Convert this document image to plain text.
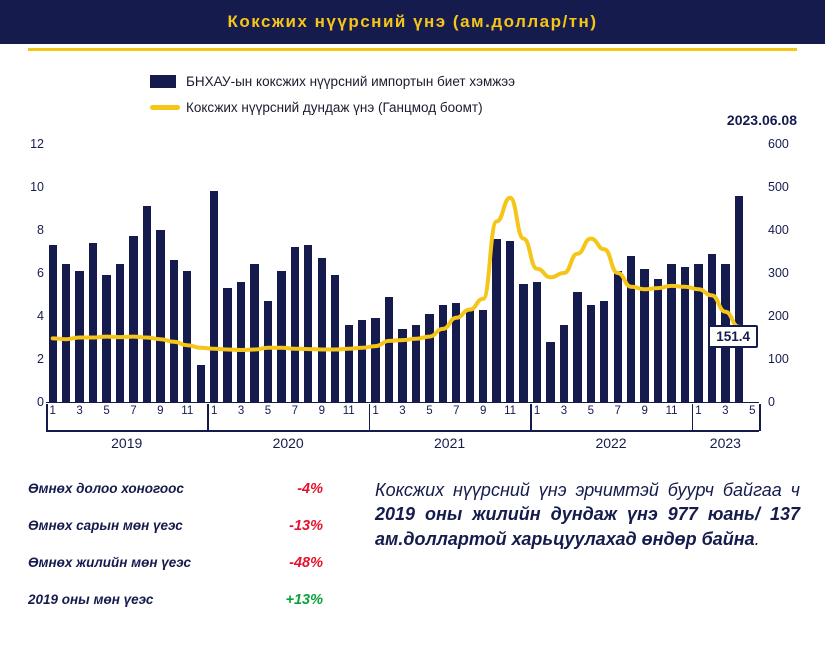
Коксжих нүүрсний үнэ (ам.доллар/тн)
БНХАУ-ын коксжих нүүрсний импортын биет хэмжээ
Коксжих нүүрсний дундаж үнэ (Ганцмод боомт)
2023.06.08
0
2
4
6
8
10
12
0
100
200
300
400
500
600
1 3 5 7 9 11 1 3 5 7 9 11 1 3 5 7 9 11 1 3 5 7 9 11 1 3 5
2019	2020	2021	2022	2023
151.4
Өмнөх долоо хоногоос	-4%
Өмнөх сарын мөн үеэс	-13%
Өмнөх жилийн мөн үеэс	-48%
2019 оны мөн үеэс	+13%
Коксжих нүүрсний үнэ эрчимтэй буурч байгаа ч 2019 оны жилийн дундаж үнэ 977 юань/ 137 ам.доллартой харьцуулахад өндөр байна.
